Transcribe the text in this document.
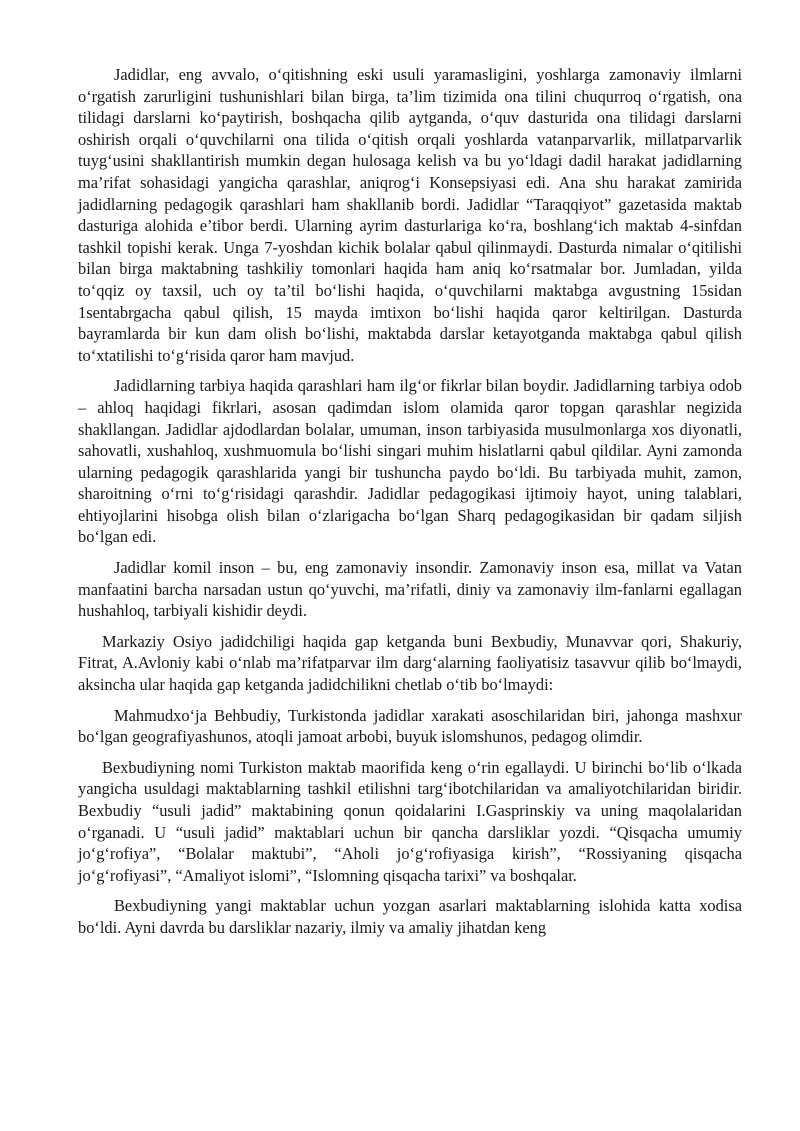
Jadidlar, eng avvalo, o‘qitishning eski usuli yaramasligini, yoshlarga zamonaviy ilmlarni o‘rgatish zarurligini tushunishlari bilan birga, ta’lim tizimida ona tilini chuqurroq o‘rgatish, ona tilidagi darslarni ko‘paytirish, boshqacha qilib aytganda, o‘quv dasturida ona tilidagi darslarni oshirish orqali o‘quvchilarni ona tilida o‘qitish orqali yoshlarda vatanparvarlik, millatparvarlik tuyg‘usini shakllantirish mumkin degan hulosaga kelish va bu yo‘ldagi dadil harakat jadidlarning ma’rifat sohasidagi yangicha qarashlar, aniqrog‘i Konsepsiyasi edi. Ana shu harakat zamirida jadidlarning pedagogik qarashlari ham shakllanib bordi. Jadidlar “Taraqqiyot” gazetasida maktab dasturiga alohida e’tibor berdi. Ularning ayrim dasturlariga ko‘ra, boshlang‘ich maktab 4-sinfdan tashkil topishi kerak. Unga 7-yoshdan kichik bolalar qabul qilinmaydi. Dasturda nimalar o‘qitilishi bilan birga maktabning tashkiliy tomonlari haqida ham aniq ko‘rsatmalar bor. Jumladan, yilda to‘qqiz oy taxsil, uch oy ta’til bo‘lishi haqida, o‘quvchilarni maktabga avgustning 15sidan 1sentabrgacha qabul qilish, 15 mayda imtixon bo‘lishi haqida qaror keltirilgan. Dasturda bayramlarda bir kun dam olish bo‘lishi, maktabda darslar ketayotganda maktabga qabul qilish to‘xtatilishi to‘g‘risida qaror ham mavjud.

Jadidlarning tarbiya haqida qarashlari ham ilg‘or fikrlar bilan boydir. Jadidlarning tarbiya odob – ahloq haqidagi fikrlari, asosan qadimdan islom olamida qaror topgan qarashlar negizida shakllangan. Jadidlar ajdodlardan bolalar, umuman, inson tarbiyasida musulmonlarga xos diyonatli, sahovatli, xushahloq, xushmuomula bo‘lishi singari muhim hislatlarni qabul qildilar. Ayni zamonda ularning pedagogik qarashlarida yangi bir tushuncha paydo bo‘ldi. Bu tarbiyada muhit, zamon, sharoitning o‘rni to‘g‘risidagi qarashdir. Jadidlar pedagogikasi ijtimoiy hayot, uning talablari, ehtiyojlarini hisobga olish bilan o‘zlarigacha bo‘lgan Sharq pedagogikasidan bir qadam siljish bo‘lgan edi.

Jadidlar komil inson – bu, eng zamonaviy insondir. Zamonaviy inson esa, millat va Vatan manfaatini barcha narsadan ustun qo‘yuvchi, ma’rifatli, diniy va zamonaviy ilm-fanlarni egallagan hushahloq, tarbiyali kishidir deydi.

Markaziy Osiyo jadidchiligi haqida gap ketganda buni Bexbudiy, Munavvar qori, Shakuriy, Fitrat, A.Avloniy kabi o‘nlab ma’rifatparvar ilm darg‘alarning faoliyatisiz tasavvur qilib bo‘lmaydi, aksincha ular haqida gap ketganda jadidchilikni chetlab o‘tib bo‘lmaydi:

Mahmudxo‘ja Behbudiy, Turkistonda jadidlar xarakati asoschilaridan biri, jahonga mashxur bo‘lgan geografiyashunos, atoqli jamoat arbobi, buyuk islomshunos, pedagog olimdir.

Bexbudiyning nomi Turkiston maktab maorifida keng o‘rin egallaydi. U birinchi bo‘lib o‘lkada yangicha usuldagi maktablarning tashkil etilishni targ‘ibotchilaridan va amaliyotchilaridan biridir. Bexbudiy “usuli jadid” maktabining qonun qoidalarini I.Gasprinskiy va uning maqolalaridan o‘rganadi. U “usuli jadid” maktablari uchun bir qancha darsliklar yozdi. “Qisqacha umumiy jo‘g‘rofiya”, “Bolalar maktubi”, “Aholi jo‘g‘rofiyasiga kirish”, “Rossiyaning qisqacha jo‘g‘rofiyasi”, “Amaliyot islomi”, “Islomning qisqacha tarixi” va boshqalar.

Bexbudiyning yangi maktablar uchun yozgan asarlari maktablarning islohida katta xodisa bo‘ldi. Ayni davrda bu darsliklar nazariy, ilmiy va amaliy jihatdan keng
